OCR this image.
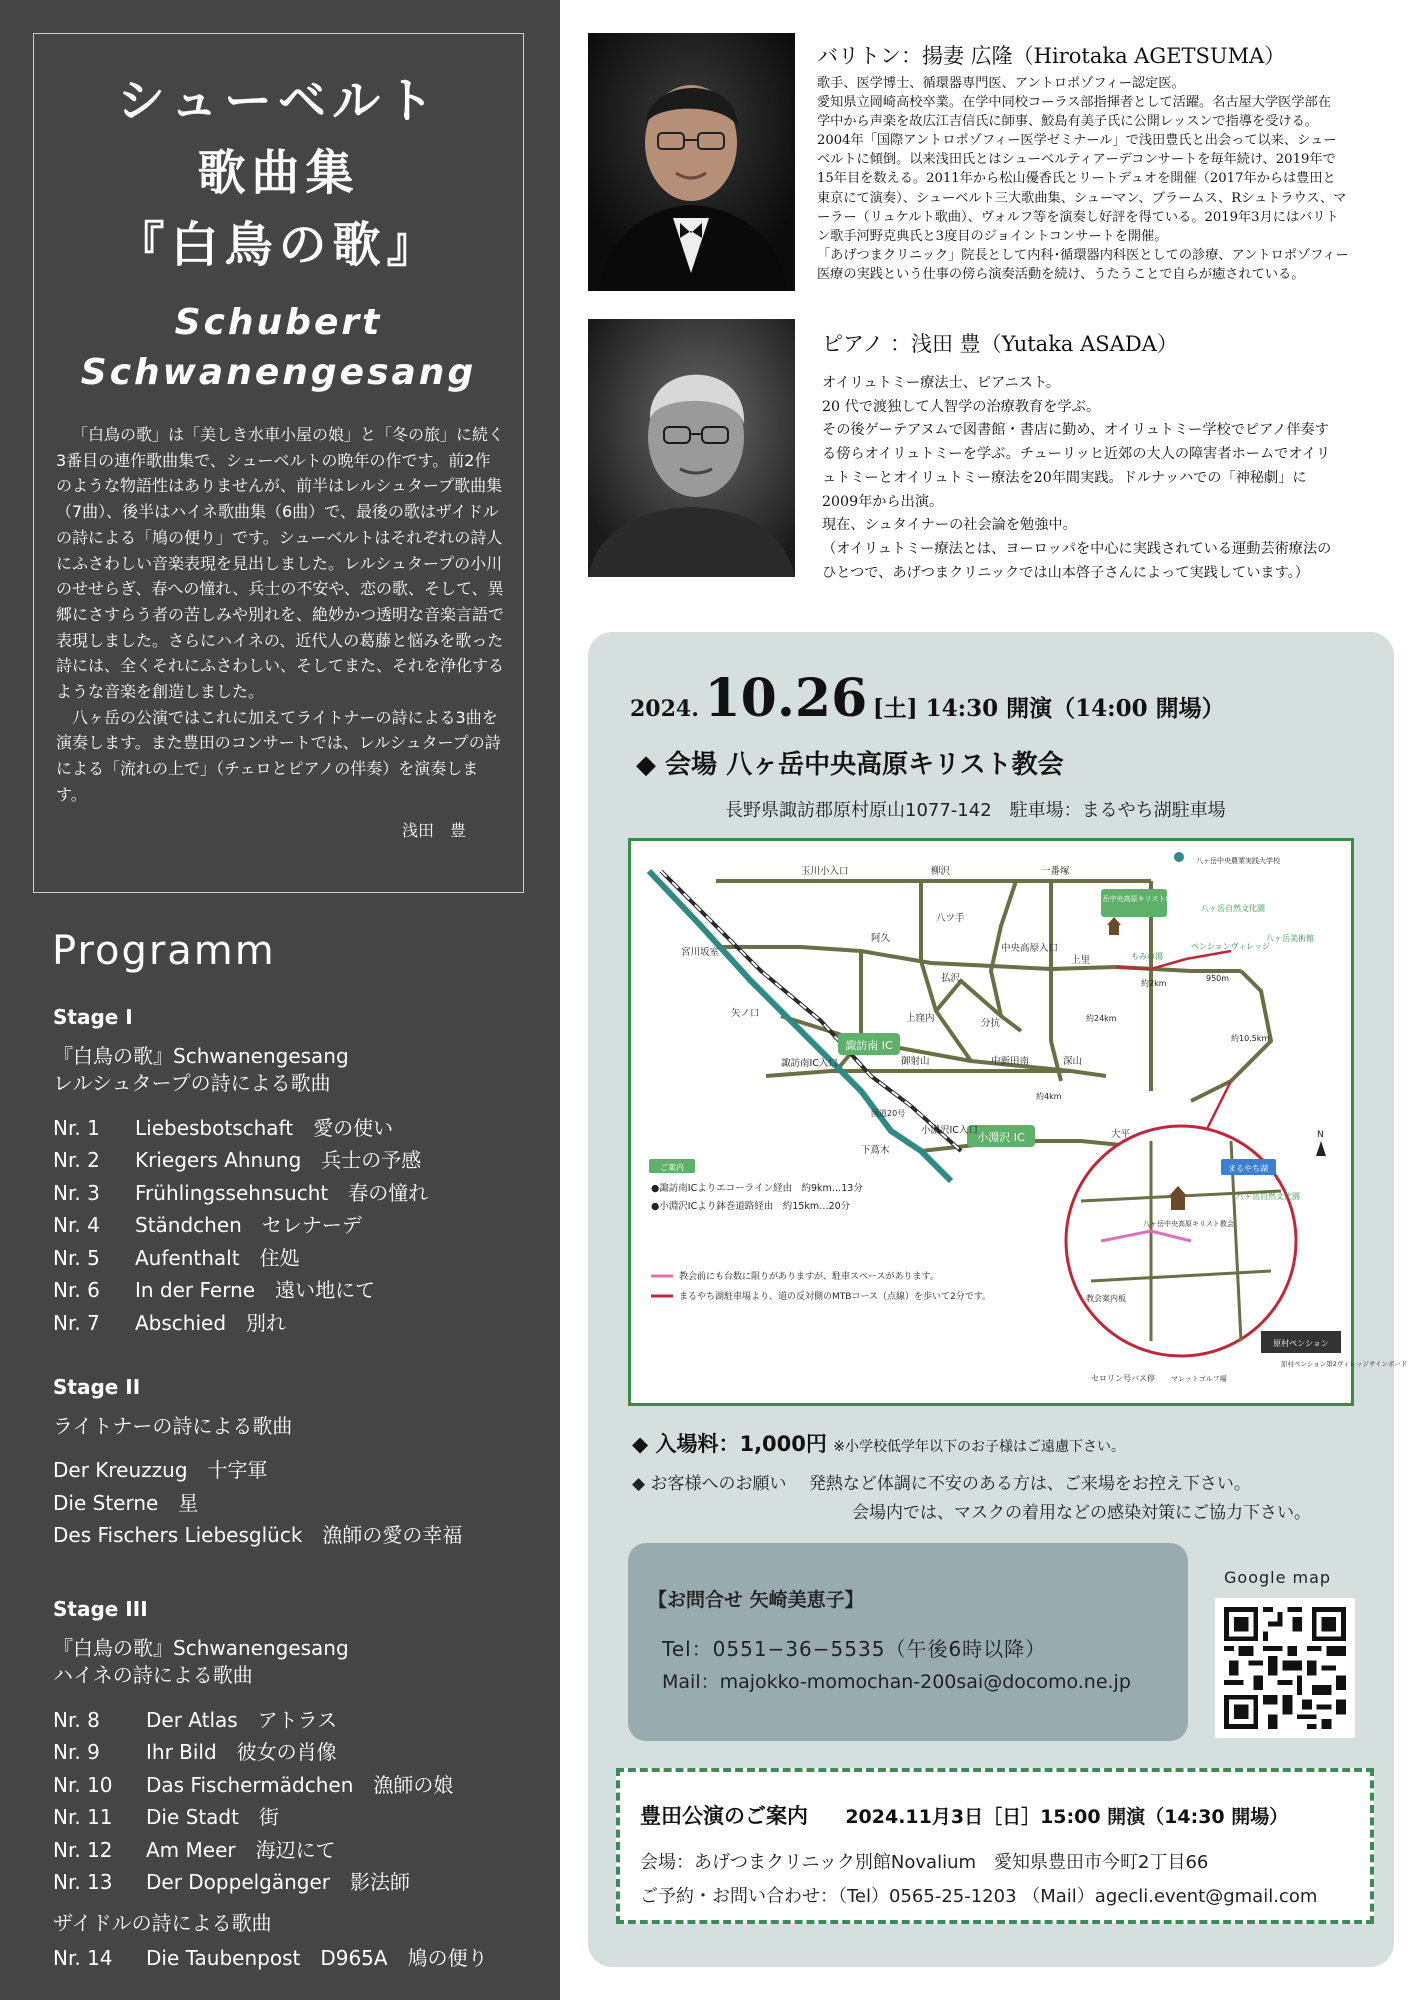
シューベルト
歌曲集
『白鳥の歌』
Schubert
Schwanengesang

「白鳥の歌」は「美しき水車小屋の娘」と「冬の旅」に続く3番目の連作歌曲集で、シューベルトの晩年の作です。前2作のような物語性はありませんが、前半はレルシュタープ歌曲集（7曲）、後半はハイネ歌曲集（6曲）で、最後の歌はザイドルの詩による「鳩の便り」です。シューベルトはそれぞれの詩人にふさわしい音楽表現を見出しました。レルシュタープの小川のせせらぎ、春への憧れ、兵士の不安や、恋の歌、そして、異郷にさすらう者の苦しみや別れを、絶妙かつ透明な音楽言語で表現しました。さらにハイネの、近代人の葛藤と悩みを歌った詩には、全くそれにふさわしい、そしてまた、それを浄化するような音楽を創造しました。

八ヶ岳の公演ではこれに加えてライトナーの詩による3曲を演奏します。また豊田のコンサートでは、レルシュタープの詩による「流れの上で」（チェロとピアノの伴奏）を演奏します。

浅田　豊

Programm
Stage I
『白鳥の歌』Schwanengesang
レルシュタープの詩による歌曲
Nr. 1 Liebesbotschaft　愛の使い
Nr. 2 Kriegers Ahnung　兵士の予感
Nr. 3 Frühlingssehnsucht　春の憧れ
Nr. 4 Ständchen　セレナーデ
Nr. 5 Aufenthalt　住処
Nr. 6 In der Ferne　遠い地にて
Nr. 7 Abschied　別れ
Stage II
ライトナーの詩による歌曲
Der Kreuzzug　十字軍
Die Sterne　星
Des Fischers Liebesglück　漁師の愛の幸福
Stage III
『白鳥の歌』Schwanengesang
ハイネの詩による歌曲
Nr. 8 Der Atlas　アトラス
Nr. 9 Ihr Bild　彼女の肖像
Nr. 10 Das Fischermädchen　漁師の娘
Nr. 11 Die Stadt　街
Nr. 12 Am Meer　海辺にて
Nr. 13 Der Doppelgänger　影法師
ザイドルの詩による歌曲
Nr. 14 Die Taubenpost　D965A　鳩の便り
バリトン：揚妻 広隆（Hirotaka AGETSUMA）

歌手、医学博士、循環器専門医、アントロポゾフィー認定医。

愛知県立岡崎高校卒業。在学中同校コーラス部指揮者として活躍。名古屋大学医学部在

学中から声楽を故広江吉信氏に師事、鮫島有美子氏に公開レッスンで指導を受ける。

2004年「国際アントロポゾフィー医学ゼミナール」で浅田豊氏と出会って以来、シュー

ベルトに傾倒。以来浅田氏とはシューベルティアーデコンサートを毎年続け、2019年で

15年目を数える。2011年から松山優香氏とリートデュオを開催（2017年からは豊田と

東京にて演奏）、シューベルト三大歌曲集、シューマン、ブラームス、Rシュトラウス、マ

ーラー（リュケルト歌曲）、ヴォルフ等を演奏し好評を得ている。2019年3月にはバリト

ン歌手河野克典氏と3度目のジョイントコンサートを開催。

「あげつまクリニック」院長として内科･循環器内科医としての診療、アントロポゾフィー

医療の実践という仕事の傍ら演奏活動を続け、うたうことで自らが癒されている。

ピアノ ：浅田 豊（Yutaka ASADA）

オイリュトミー療法士、ピアニスト。

20 代で渡独して人智学の治療教育を学ぶ。

その後ゲーテアヌムで図書館・書店に勤め、オイリュトミー学校でピアノ伴奏す

る傍らオイリュトミーを学ぶ。チューリッヒ近郊の大人の障害者ホームでオイリ

ュトミーとオイリュトミー療法を20年間実践。ドルナッハでの「神秘劇」に

2009年から出演。

現在、シュタイナーの社会論を勉強中。

（オイリュトミー療法とは、ヨーロッパを中心に実践されている運動芸術療法の

ひとつで、あげつまクリニックでは山本啓子さんによって実践しています。）

2024. 10.26 [土] 14:30 開演（14:00 開場）
◆ 会場 八ヶ岳中央高原キリスト教会
長野県諏訪郡原村原山1077-142　駐車場：まるやち湖駐車場
諏訪南 IC
小淵沢 IC
八ヶ岳中央高原キリスト教会
玉川小入口	柳沢	一番塚
八ヶ岳中央農業実践大学校
宮川坂室
阿久
八ツ手
中央高原入口
上里
八ヶ岳自然文化園
八ヶ岳美術館
もみの湯
ペンションヴィレッジ
払沢
矢ノ口	上窪内	分抗
御射山	中新田南	深山
諏訪南IC入口
小淵沢IC入口	大平
下蔦木
約4km
約2km
950m
国道20号
約10.5km
約24km
まるやち湖
八ヶ岳自然文化園
八ヶ岳中央高原キリスト教会
教会案内板
セロリン号バス停 マレットゴルフ場
原村ペンション
原村ペンション第2ヴィレッジサインボード
N
ご案内
●諏訪南ICよりエコーライン経由　約9km…13分
●小淵沢ICより鉢巻道路経由　約15km…20分
教会前にも台数に限りがありますが、駐車スペースがあります。
まるやち湖駐車場より、道の反対側のMTBコース（点線）を歩いて2分です。
◆ 入場料：1,000円 ※小学校低学年以下のお子様はご遠慮下さい。
◆ お客様へのお願い　 発熱など体調に不安のある方は、ご来場をお控え下さい。
会場内では、マスクの着用などの感染対策にご協力下さい。
【お問合せ 矢崎美恵子】
Tel：0551−36−5535（午後6時以降）
Mail：majokko-momochan-200sai@docomo.ne.jp
Google map
豊田公演のご案内 2024.11月3日［日］15:00 開演（14:30 開場）
会場：あげつまクリニック別館Novalium　愛知県豊田市今町2丁目66
ご予約・お問い合わせ：（Tel）0565-25-1203 （Mail）agecli.event@gmail.com
